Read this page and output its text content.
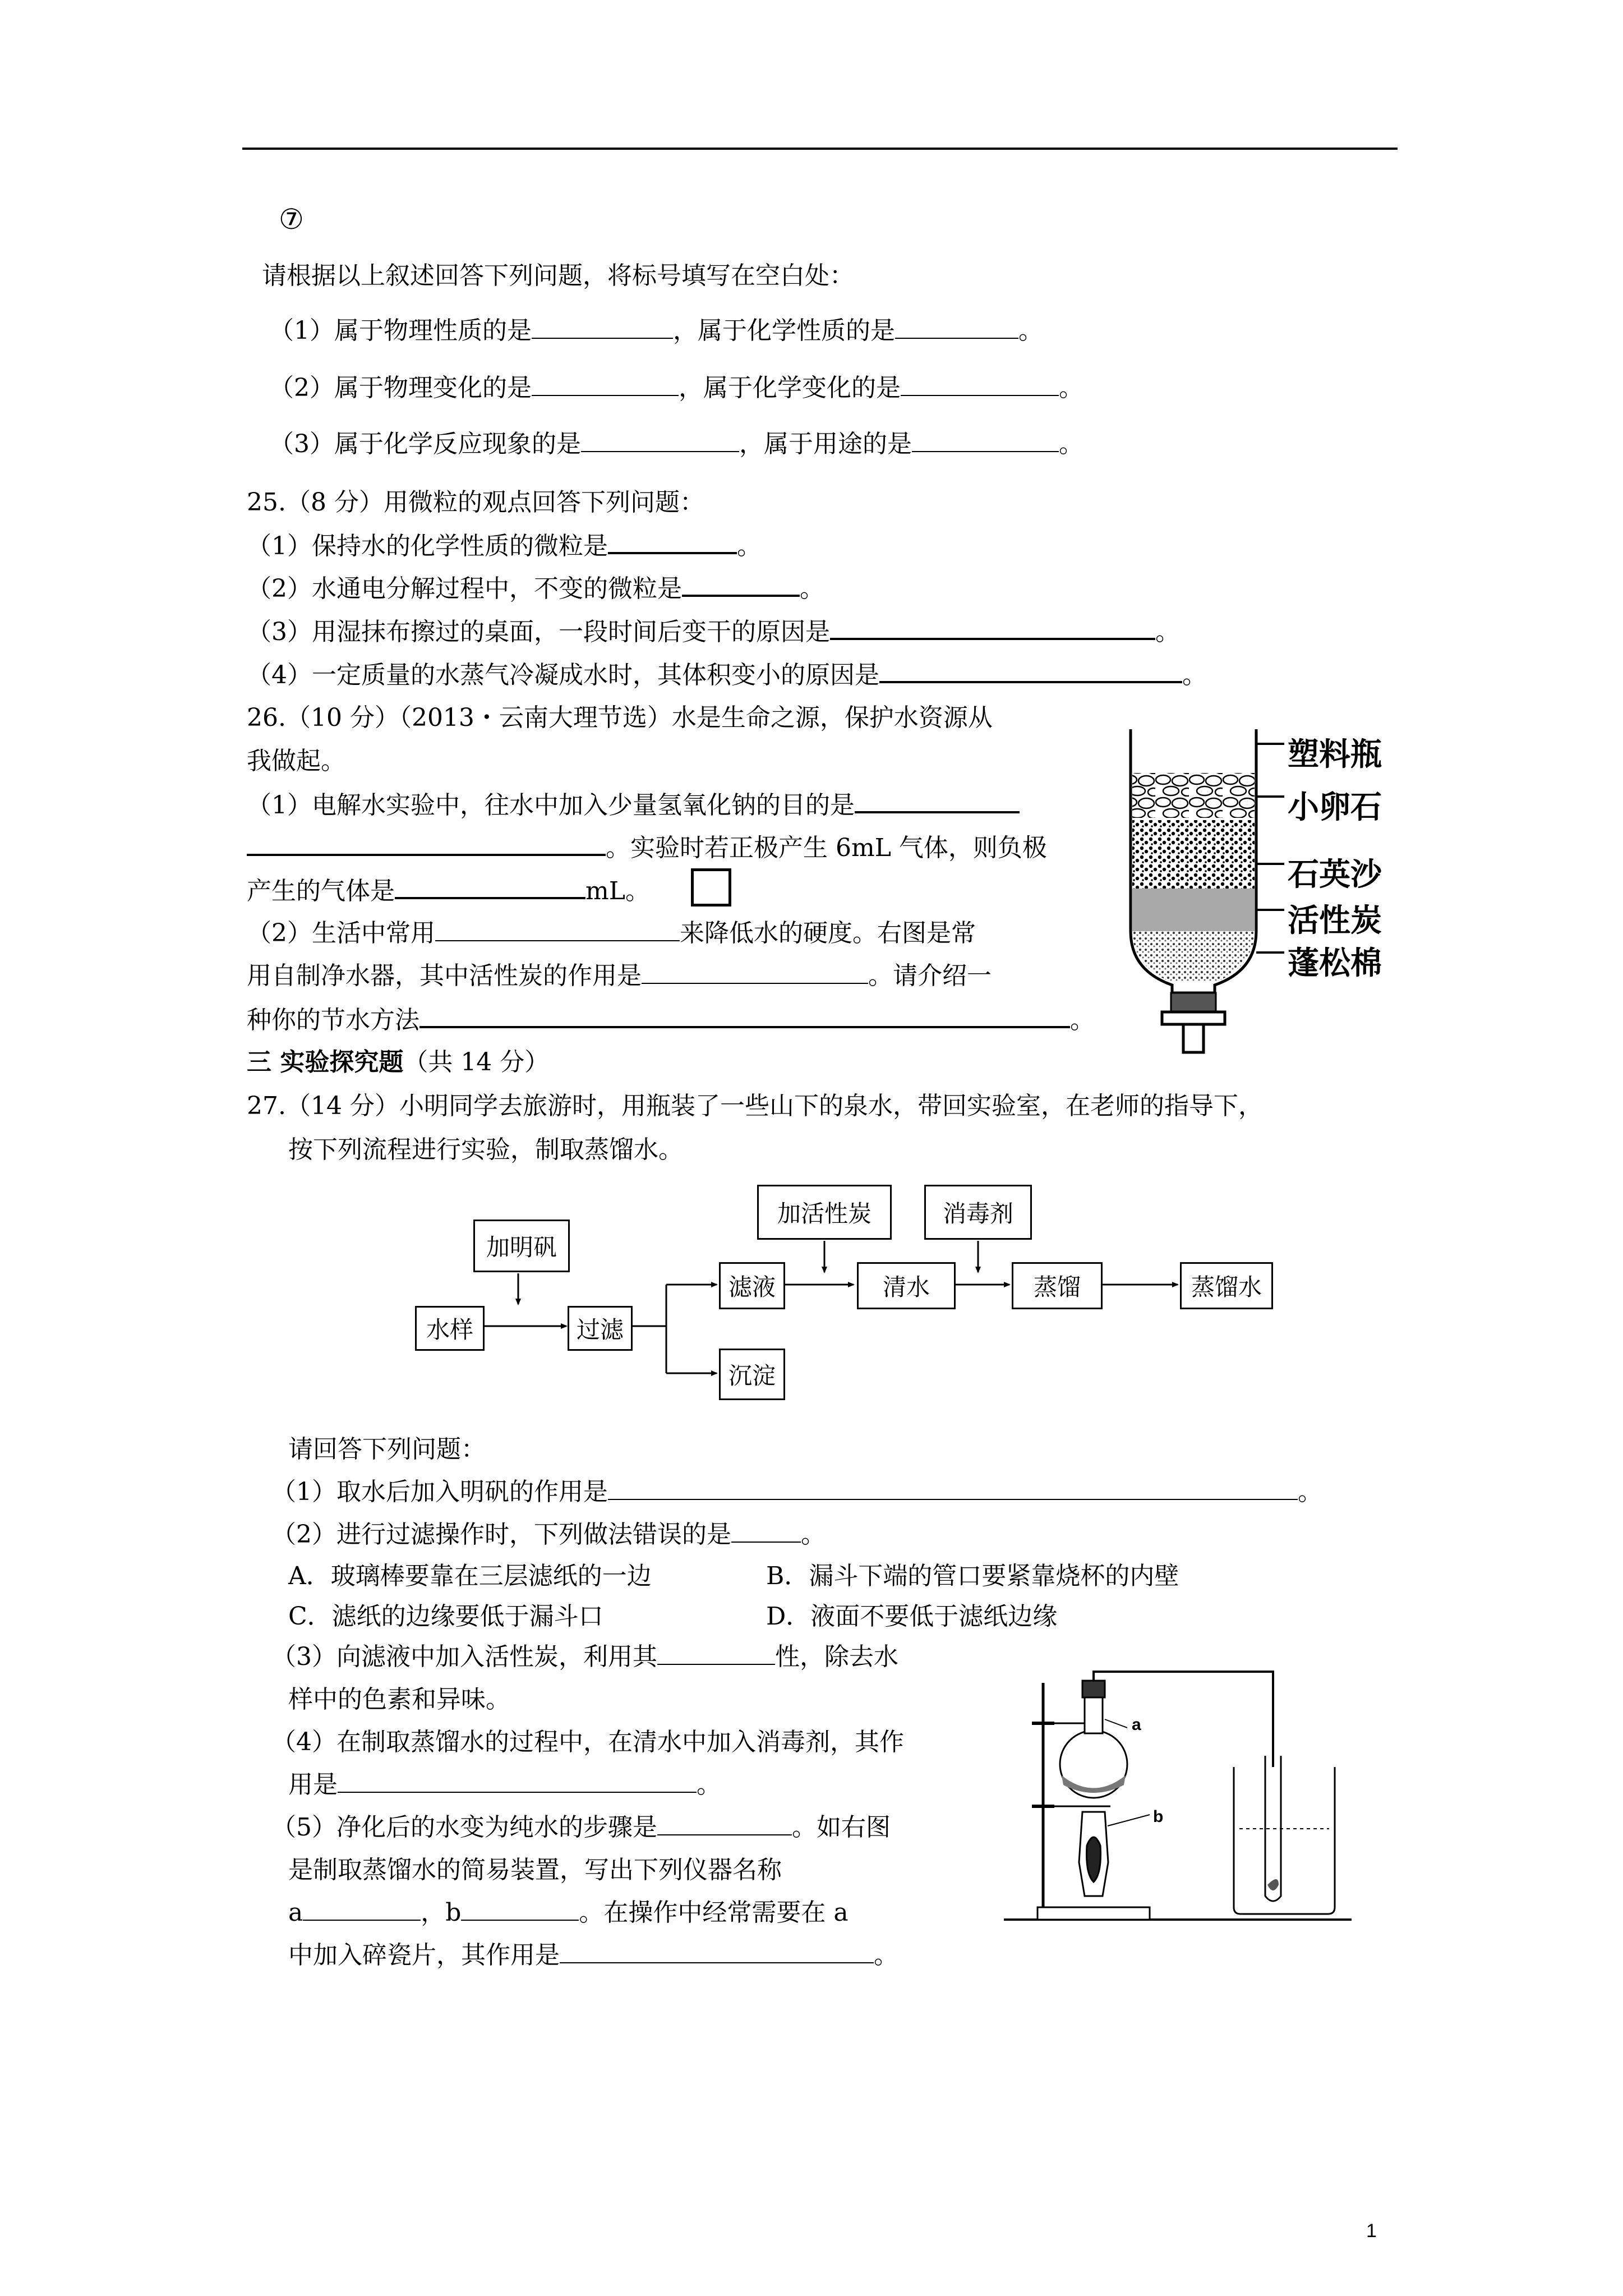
⑦
请根据以上叙述回答下列问题，将标号填写在空白处：
（1）属于物理性质的是	，属于化学性质的是	。
（2）属于物理变化的是	，属于化学变化的是	。
（3）属于化学反应现象的是	，属于用途的是	。
25.（8 分）用微粒的观点回答下列问题：
（1）保持水的化学性质的微粒是	。
（2）水通电分解过程中，不变的微粒是	。
（3）用湿抹布擦过的桌面，一段时间后变干的原因是	。
（4）一定质量的水蒸气冷凝成水时，其体积变小的原因是	。
26.（10 分）（2013・云南大理节选）水是生命之源，保护水资源从
我做起。
（1）电解水实验中，往水中加入少量氢氧化钠的目的是
。实验时若正极产生 6mL 气体，则负极
产生的气体是	mL。
（2）生活中常用	来降低水的硬度。右图是常
用自制净水器，其中活性炭的作用是	。请介绍一
种你的节水方法	。
塑料瓶
小卵石
石英沙
活性炭
蓬松棉
三 实验探究题（共 14 分）
27.（14 分）小明同学去旅游时，用瓶装了一些山下的泉水，带回实验室，在老师的指导下，
按下列流程进行实验，制取蒸馏水。
加明矾
水样	过滤
滤液
沉淀
加活性炭
清水
消毒剂
蒸馏	蒸馏水
请回答下列问题：
（1）取水后加入明矾的作用是	。
（2）进行过滤操作时，下列做法错误的是	。
A．玻璃棒要靠在三层滤纸的一边	B．漏斗下端的管口要紧靠烧杯的内壁
C．滤纸的边缘要低于漏斗口	D．液面不要低于滤纸边缘
（3）向滤液中加入活性炭，利用其	性，除去水
样中的色素和异味。
（4）在制取蒸馏水的过程中，在清水中加入消毒剂，其作
用是	。
（5）净化后的水变为纯水的步骤是	。如右图
是制取蒸馏水的简易装置，写出下列仪器名称
a	，b	。在操作中经常需要在 a
中加入碎瓷片，其作用是	。
a
b
1
